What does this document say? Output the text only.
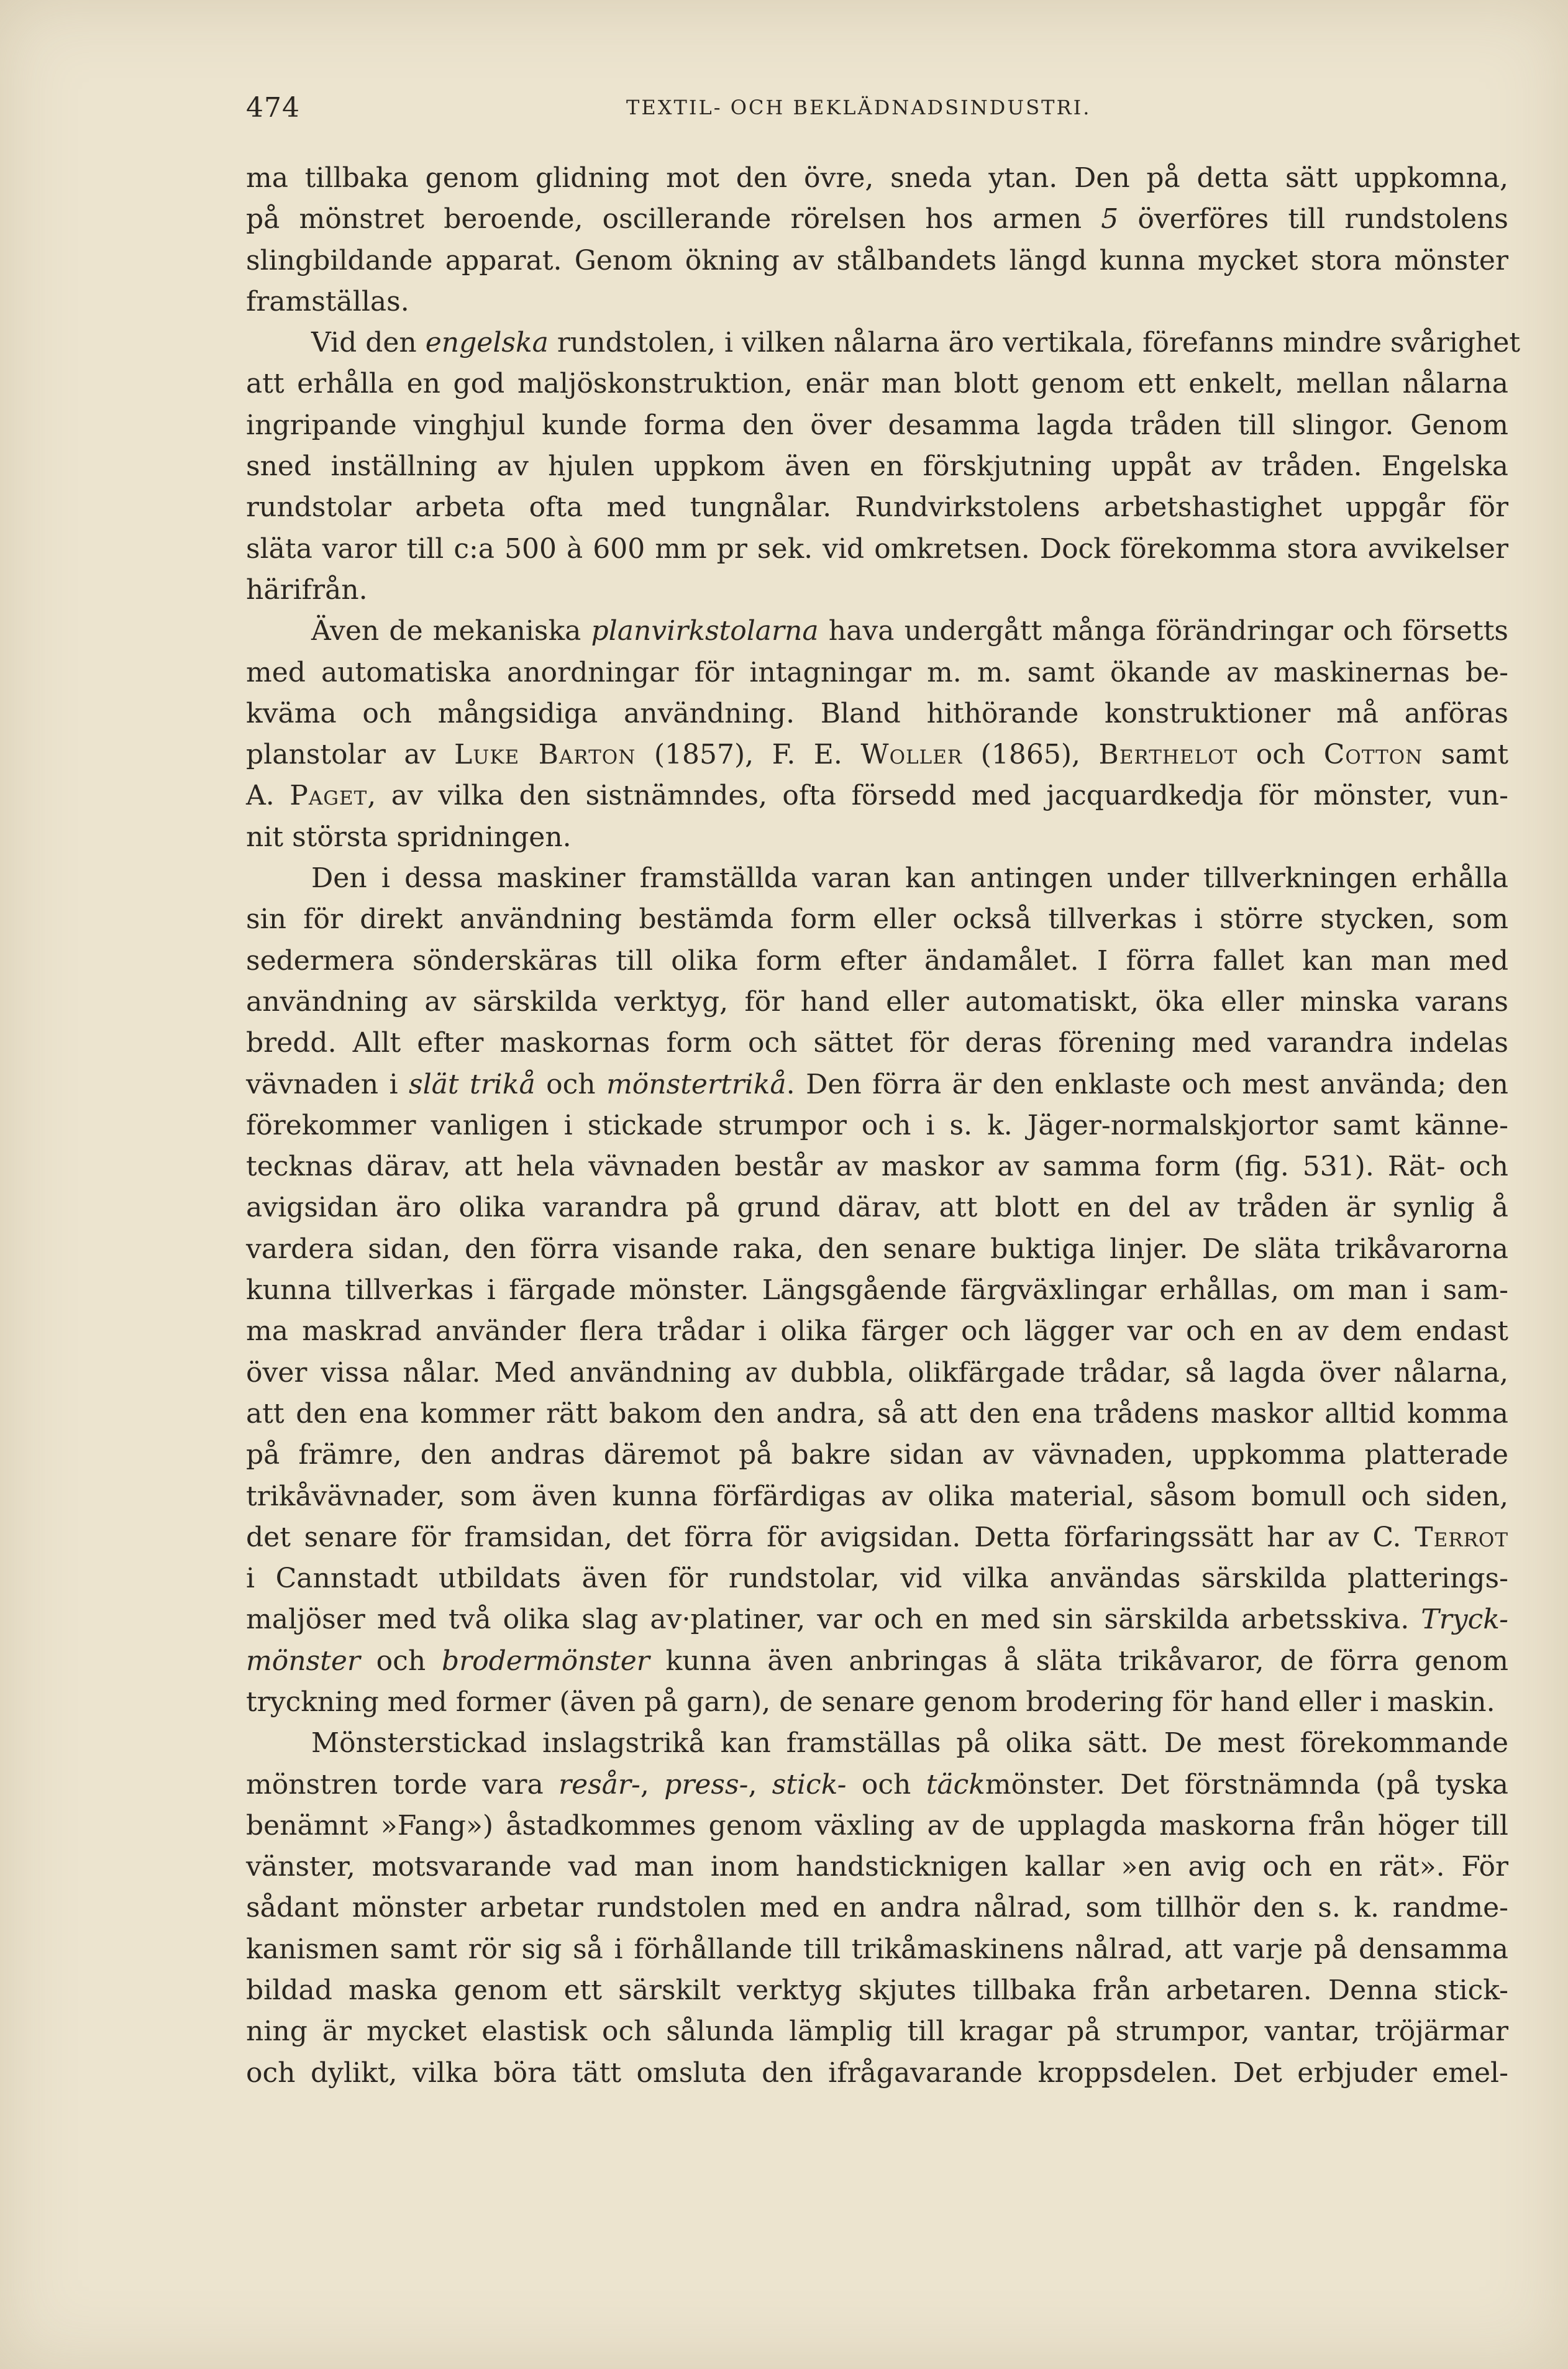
474	TEXTIL- OCH BEKLÄDNADSINDUSTRI.
ma tillbaka genom glidning mot den övre, sneda ytan. Den på detta sätt uppkomna,
på mönstret beroende, oscillerande rörelsen hos armen 5 överföres till rundstolens
slingbildande apparat. Genom ökning av stålbandets längd kunna mycket stora mönster
framställas.
Vid den engelska rundstolen, i vilken nålarna äro vertikala, förefanns mindre svårighet
att erhålla en god maljöskonstruktion, enär man blott genom ett enkelt, mellan nålarna
ingripande vinghjul kunde forma den över desamma lagda tråden till slingor. Genom
sned inställning av hjulen uppkom även en förskjutning uppåt av tråden. Engelska
rundstolar arbeta ofta med tungnålar. Rundvirkstolens arbetshastighet uppgår för
släta varor till c:a 500 à 600 mm pr sek. vid omkretsen. Dock förekomma stora avvikelser
härifrån.
Även de mekaniska planvirkstolarna hava undergått många förändringar och försetts
med automatiska anordningar för intagningar m. m. samt ökande av maskinernas be-
kväma och mångsidiga användning. Bland hithörande konstruktioner må anföras
planstolar av Luke Barton (1857), F. E. Woller (1865), Berthelot och Cotton samt
A. Paget, av vilka den sistnämndes, ofta försedd med jacquardkedja för mönster, vun-
nit största spridningen.
Den i dessa maskiner framställda varan kan antingen under tillverkningen erhålla
sin för direkt användning bestämda form eller också tillverkas i större stycken, som
sedermera sönderskäras till olika form efter ändamålet. I förra fallet kan man med
användning av särskilda verktyg, för hand eller automatiskt, öka eller minska varans
bredd. Allt efter maskornas form och sättet för deras förening med varandra indelas
vävnaden i slät trikå och mönstertrikå. Den förra är den enklaste och mest använda; den
förekommer vanligen i stickade strumpor och i s. k. Jäger-normalskjortor samt känne-
tecknas därav, att hela vävnaden består av maskor av samma form (fig. 531). Rät- och
avigsidan äro olika varandra på grund därav, att blott en del av tråden är synlig å
vardera sidan, den förra visande raka, den senare buktiga linjer. De släta trikåvarorna
kunna tillverkas i färgade mönster. Längsgående färgväxlingar erhållas, om man i sam-
ma maskrad använder flera trådar i olika färger och lägger var och en av dem endast
över vissa nålar. Med användning av dubbla, olikfärgade trådar, så lagda över nålarna,
att den ena kommer rätt bakom den andra, så att den ena trådens maskor alltid komma
på främre, den andras däremot på bakre sidan av vävnaden, uppkomma platterade
trikåvävnader, som även kunna förfärdigas av olika material, såsom bomull och siden,
det senare för framsidan, det förra för avigsidan. Detta förfaringssätt har av C. Terrot
i Cannstadt utbildats även för rundstolar, vid vilka användas särskilda platterings-
maljöser med två olika slag av·platiner, var och en med sin särskilda arbetsskiva. Tryck-
mönster och brodermönster kunna även anbringas å släta trikåvaror, de förra genom
tryckning med former (även på garn), de senare genom brodering för hand eller i maskin.
Mönsterstickad inslagstrikå kan framställas på olika sätt. De mest förekommande
mönstren torde vara resår-, press-, stick- och täckmönster. Det förstnämnda (på tyska
benämnt »Fang») åstadkommes genom växling av de upplagda maskorna från höger till
vänster, motsvarande vad man inom handsticknigen kallar »en avig och en rät». För
sådant mönster arbetar rundstolen med en andra nålrad, som tillhör den s. k. randme-
kanismen samt rör sig så i förhållande till trikåmaskinens nålrad, att varje på densamma
bildad maska genom ett särskilt verktyg skjutes tillbaka från arbetaren. Denna stick-
ning är mycket elastisk och sålunda lämplig till kragar på strumpor, vantar, tröjärmar
och dylikt, vilka böra tätt omsluta den ifrågavarande kroppsdelen. Det erbjuder emel-
